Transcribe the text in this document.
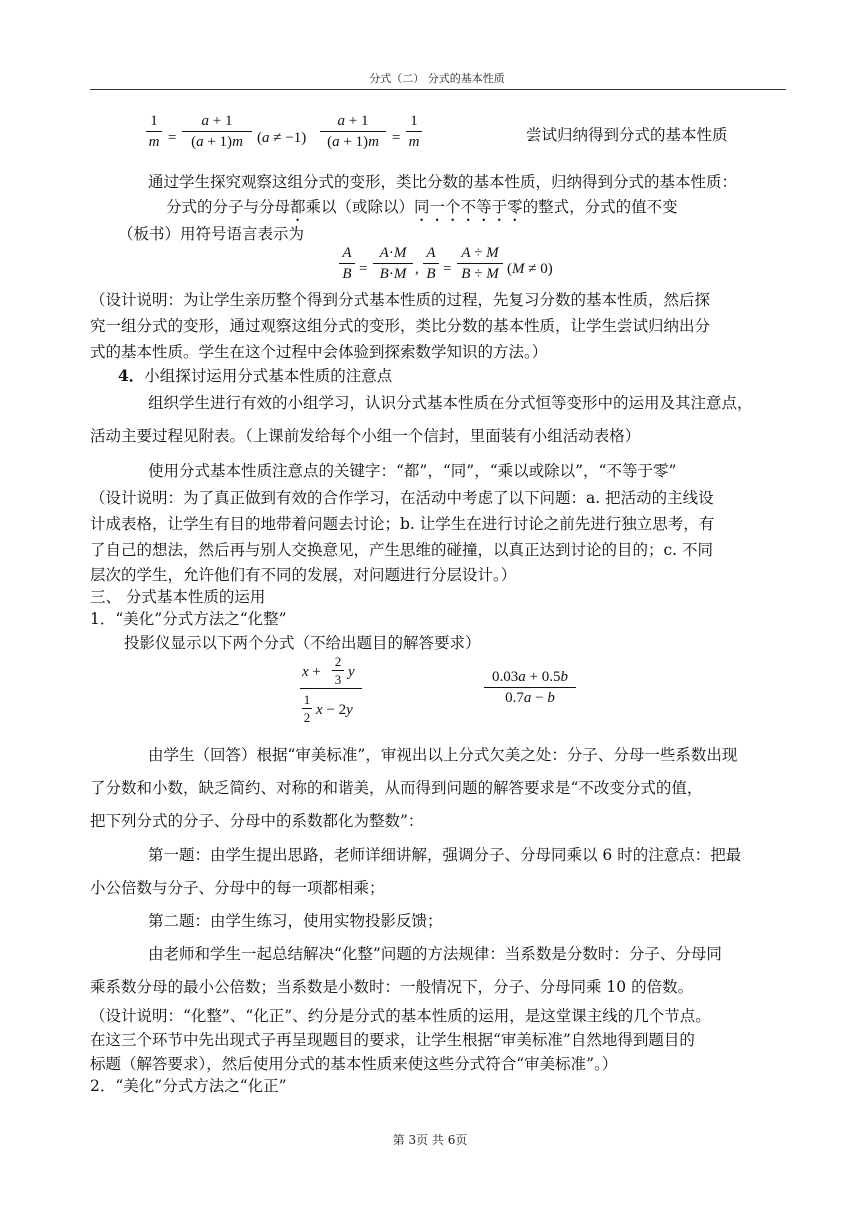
分式（二） 分式的基本性质
1
m =
a + 1
(a + 1)m (a ≠ −1)
a + 1
(a + 1)m =
1
m	尝试归纳得到分式的基本性质
通过学生探究观察这组分式的变形，类比分数的基本性质，归纳得到分式的基本性质：
分式的分子与分母都乘以（或除以）同一个不等于零的整式，分式的值不变
（板书）用符号语言表示为
A
B =
A·M
B·M ,
A
B =
A ÷ M
B ÷ M (M ≠ 0)
（设计说明：为让学生亲历整个得到分式基本性质的过程，先复习分数的基本性质，然后探
究一组分式的变形，通过观察这组分式的变形，类比分数的基本性质，让学生尝试归纳出分
式的基本性质。学生在这个过程中会体验到探索数学知识的方法。）
4．小组探讨运用分式基本性质的注意点
组织学生进行有效的小组学习，认识分式基本性质在分式恒等变形中的运用及其注意点，
活动主要过程见附表。（上课前发给每个小组一个信封，里面装有小组活动表格）
使用分式基本性质注意点的关键字：“都”，“同”，“乘以或除以”，“不等于零”
（设计说明：为了真正做到有效的合作学习，在活动中考虑了以下问题：a. 把活动的主线设
计成表格，让学生有目的地带着问题去讨论；b. 让学生在进行讨论之前先进行独立思考，有
了自己的想法，然后再与别人交换意见，产生思维的碰撞，以真正达到讨论的目的；c. 不同
层次的学生，允许他们有不同的发展，对问题进行分层设计。）
三、 分式基本性质的运用
1．“美化”分式方法之“化整”
投影仪显示以下两个分式（不给出题目的解答要求）
x +
2
3 y
1
2 x − 2y
0.03a + 0.5b
0.7a − b
由学生（回答）根据“审美标准”，审视出以上分式欠美之处：分子、分母一些系数出现
了分数和小数，缺乏简约、对称的和谐美，从而得到问题的解答要求是“不改变分式的值，
把下列分式的分子、分母中的系数都化为整数”：
第一题：由学生提出思路，老师详细讲解，强调分子、分母同乘以 6 时的注意点：把最
小公倍数与分子、分母中的每一项都相乘；
第二题：由学生练习，使用实物投影反馈；
由老师和学生一起总结解决“化整”问题的方法规律：当系数是分数时：分子、分母同
乘系数分母的最小公倍数；当系数是小数时：一般情况下，分子、分母同乘 10 的倍数。
（设计说明：“化整”、“化正”、约分是分式的基本性质的运用，是这堂课主线的几个节点。
在这三个环节中先出现式子再呈现题目的要求，让学生根据“审美标准”自然地得到题目的
标题（解答要求），然后使用分式的基本性质来使这些分式符合“审美标准”。）
2．“美化”分式方法之“化正”
第 3页 共 6页
